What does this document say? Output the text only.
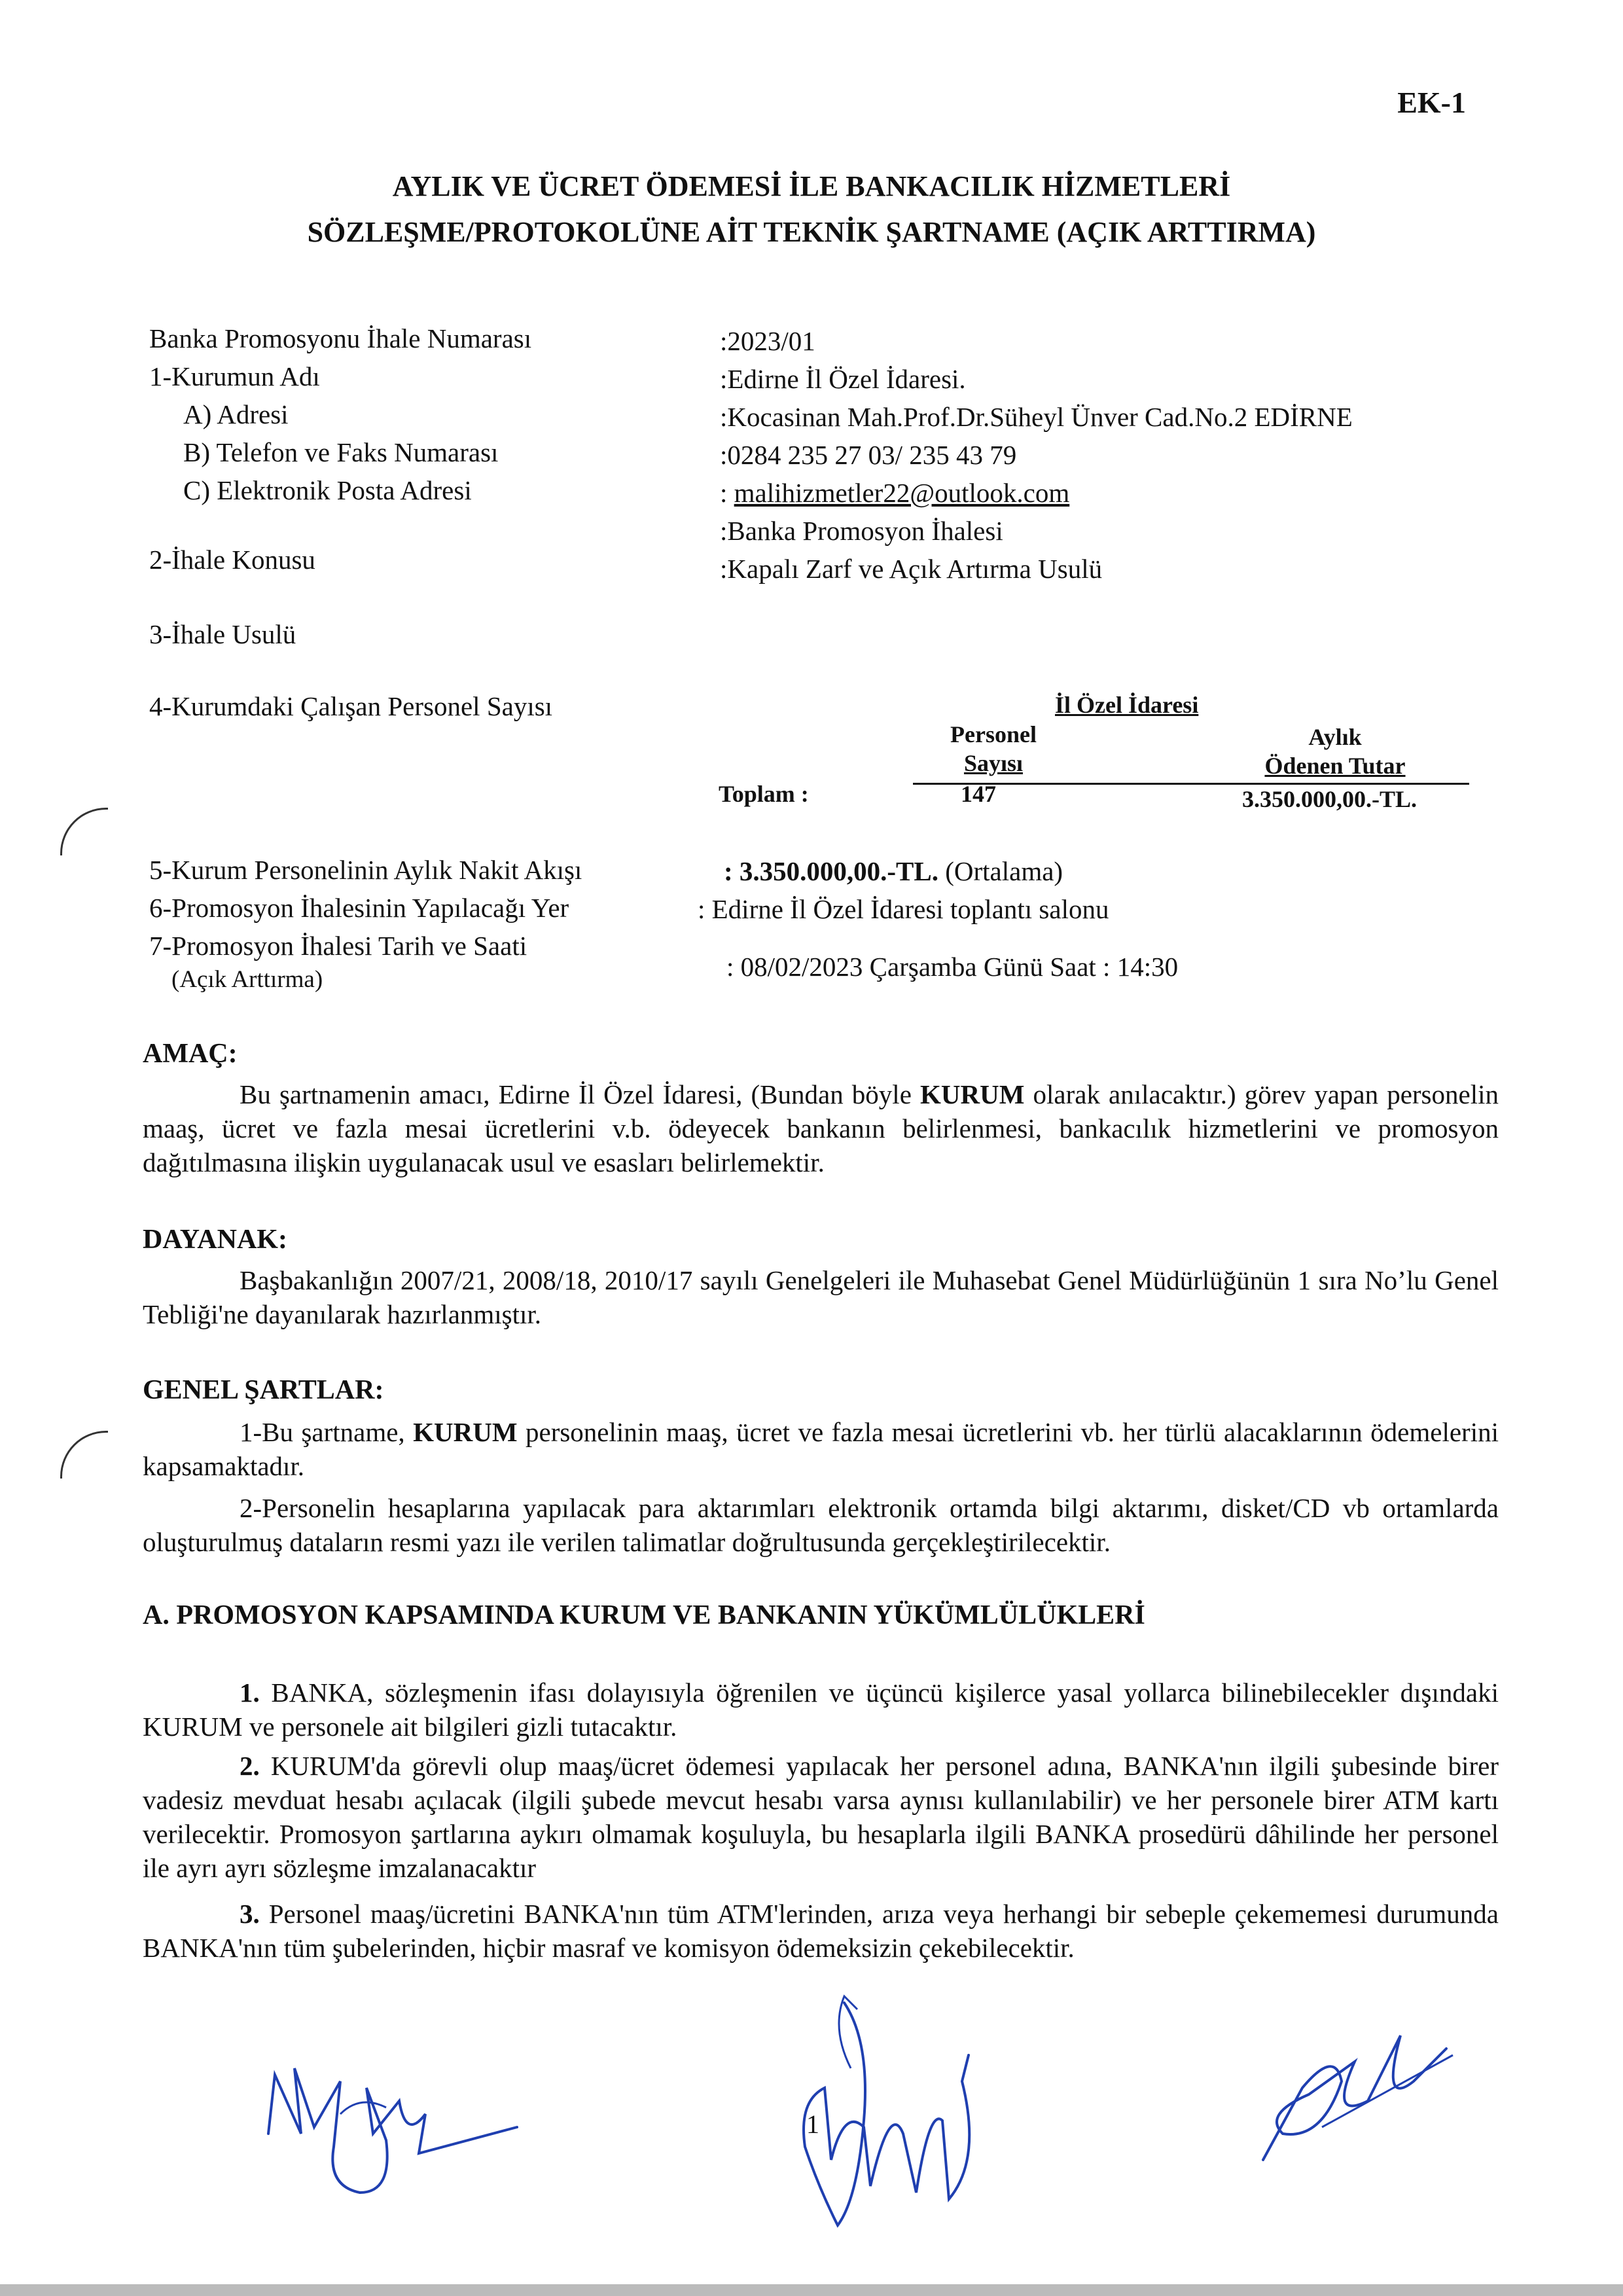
EK-1
AYLIK VE ÜCRET ÖDEMESİ İLE BANKACILIK HİZMETLERİ
SÖZLEŞME/PROTOKOLÜNE AİT TEKNİK ŞARTNAME (AÇIK ARTTIRMA)
Banka Promosyonu İhale Numarası
1-Kurumun Adı
A) Adresi
B) Telefon ve Faks Numarası
C) Elektronik Posta Adresi
2-İhale Konusu
3-İhale Usulü
4-Kurumdaki Çalışan Personel Sayısı
:2023/01
:Edirne İl Özel İdaresi.
:Kocasinan Mah.Prof.Dr.Süheyl Ünver Cad.No.2 EDİRNE
:0284 235 27 03/ 235 43 79
: malihizmetler22@outlook.com
:Banka Promosyon İhalesi
:Kapalı Zarf ve Açık Artırma Usulü
İl Özel İdaresi
Personel
Sayısı
Aylık
Ödenen Tutar
Toplam :	147	3.350.000,00.-TL.
5-Kurum Personelinin Aylık Nakit Akışı
6-Promosyon İhalesinin Yapılacağı Yer
7-Promosyon İhalesi Tarih ve Saati
(Açık Arttırma)
: 3.350.000,00.-TL. (Ortalama)
: Edirne İl Özel İdaresi toplantı salonu
: 08/02/2023 Çarşamba Günü Saat : 14:30
AMAÇ:
Bu şartnamenin amacı, Edirne İl Özel İdaresi, (Bundan böyle KURUM olarak anılacaktır.) görev yapan personelin maaş, ücret ve fazla mesai ücretlerini v.b. ödeyecek bankanın belirlenmesi, bankacılık hizmetlerini ve promosyon dağıtılmasına ilişkin uygulanacak usul ve esasları belirlemektir.
DAYANAK:
Başbakanlığın 2007/21, 2008/18, 2010/17 sayılı Genelgeleri ile Muhasebat Genel Müdürlüğünün 1 sıra No’lu Genel Tebliği'ne dayanılarak hazırlanmıştır.
GENEL ŞARTLAR:
1-Bu şartname, KURUM personelinin maaş, ücret ve fazla mesai ücretlerini vb. her türlü alacaklarının ödemelerini kapsamaktadır.
2-Personelin hesaplarına yapılacak para aktarımları elektronik ortamda bilgi aktarımı, disket/CD vb ortamlarda oluşturulmuş dataların resmi yazı ile verilen talimatlar doğrultusunda gerçekleştirilecektir.
A. PROMOSYON KAPSAMINDA KURUM VE BANKANIN YÜKÜMLÜLÜKLERİ
1. BANKA, sözleşmenin ifası dolayısıyla öğrenilen ve üçüncü kişilerce yasal yollarca bilinebilecekler dışındaki KURUM ve personele ait bilgileri gizli tutacaktır.
2. KURUM'da görevli olup maaş/ücret ödemesi yapılacak her personel adına, BANKA'nın ilgili şubesinde birer vadesiz mevduat hesabı açılacak (ilgili şubede mevcut hesabı varsa aynısı kullanılabilir) ve her personele birer ATM kartı verilecektir. Promosyon şartlarına aykırı olmamak koşuluyla, bu hesaplarla ilgili BANKA prosedürü dâhilinde her personel ile ayrı ayrı sözleşme imzalanacaktır
3. Personel maaş/ücretini BANKA'nın tüm ATM'lerinden, arıza veya herhangi bir sebeple çekememesi durumunda BANKA'nın tüm şubelerinden, hiçbir masraf ve komisyon ödemeksizin çekebilecektir.
1
